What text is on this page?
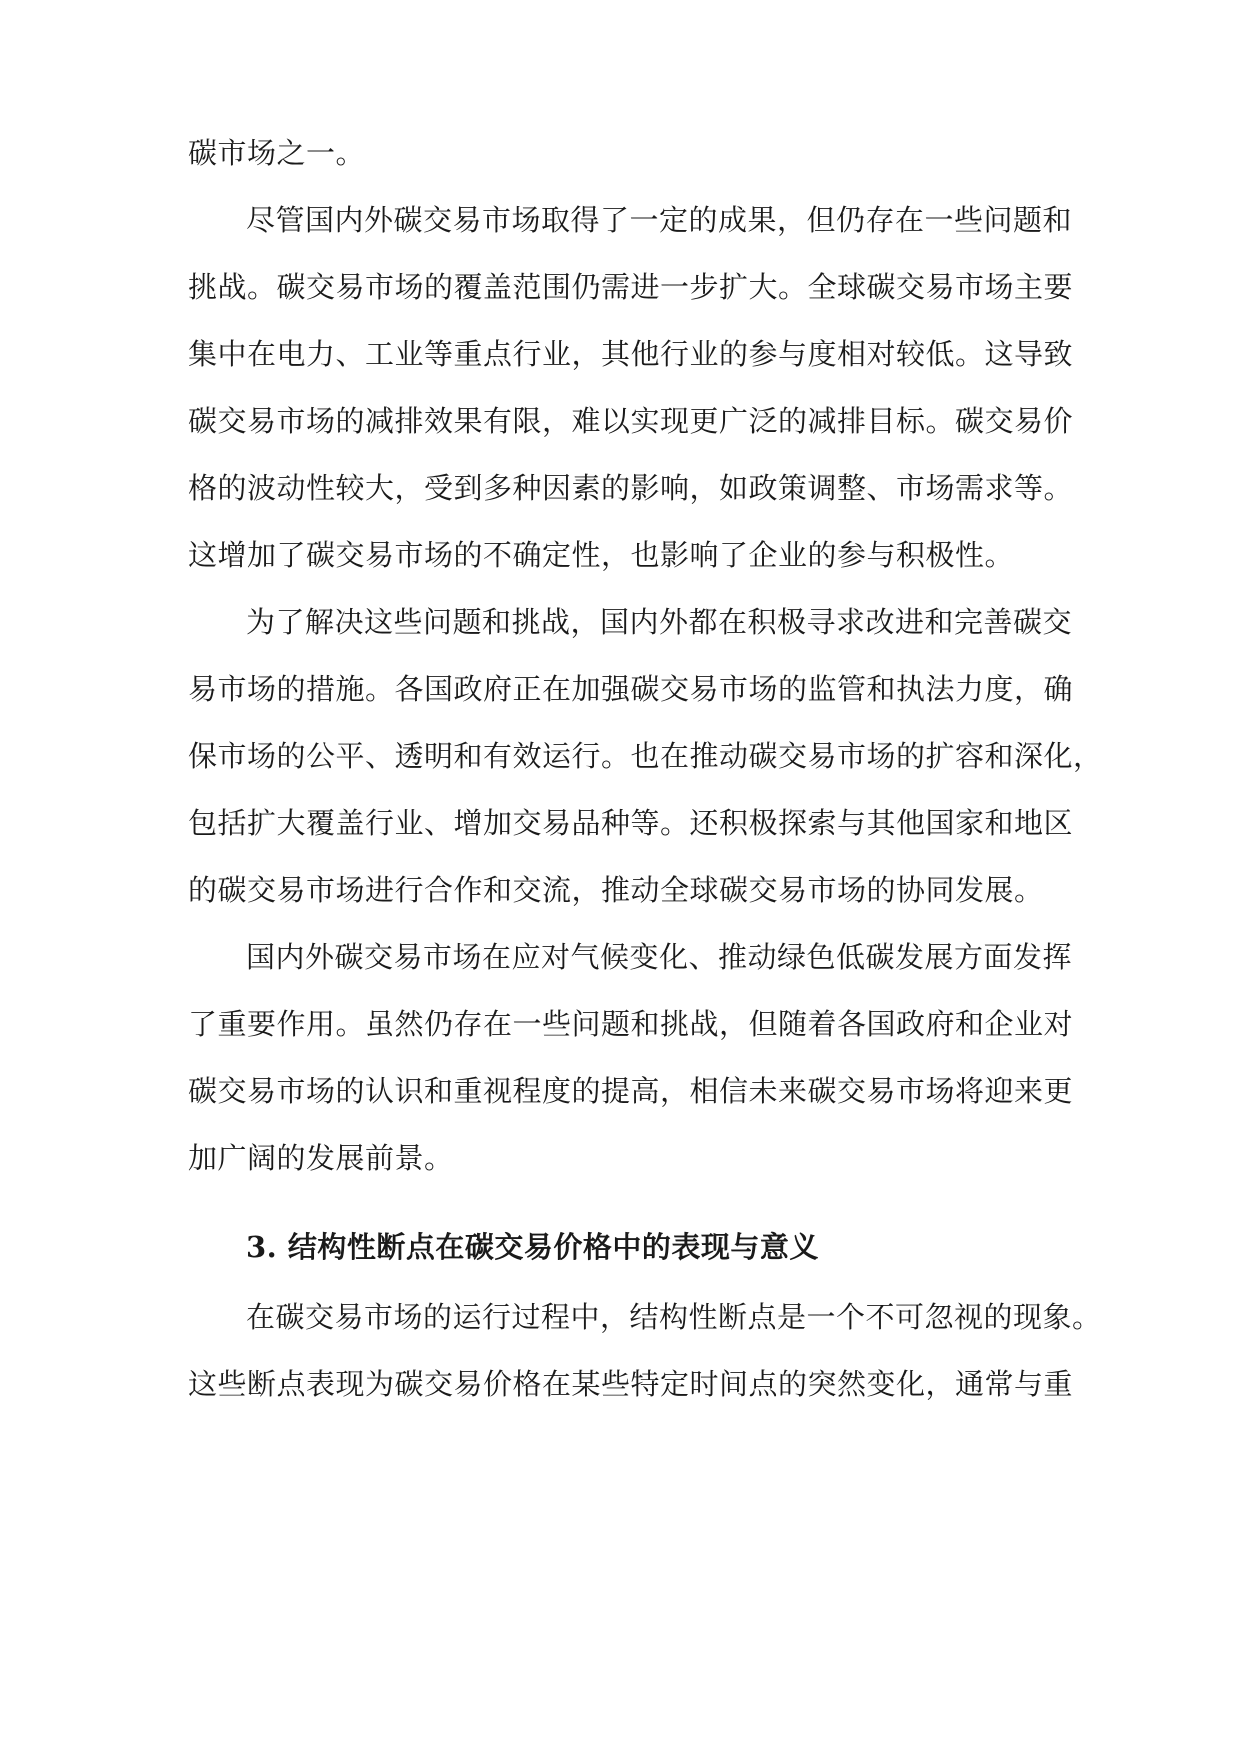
碳市场之一。
尽管国内外碳交易市场取得了一定的成果，但仍存在一些问题和
挑战。碳交易市场的覆盖范围仍需进一步扩大。全球碳交易市场主要
集中在电力、工业等重点行业，其他行业的参与度相对较低。这导致
碳交易市场的减排效果有限，难以实现更广泛的减排目标。碳交易价
格的波动性较大，受到多种因素的影响，如政策调整、市场需求等。
这增加了碳交易市场的不确定性，也影响了企业的参与积极性。
为了解决这些问题和挑战，国内外都在积极寻求改进和完善碳交
易市场的措施。各国政府正在加强碳交易市场的监管和执法力度，确
保市场的公平、透明和有效运行。也在推动碳交易市场的扩容和深化，
包括扩大覆盖行业、增加交易品种等。还积极探索与其他国家和地区
的碳交易市场进行合作和交流，推动全球碳交易市场的协同发展。
国内外碳交易市场在应对气候变化、推动绿色低碳发展方面发挥
了重要作用。虽然仍存在一些问题和挑战，但随着各国政府和企业对
碳交易市场的认识和重视程度的提高，相信未来碳交易市场将迎来更
加广阔的发展前景。
3. 结构性断点在碳交易价格中的表现与意义
在碳交易市场的运行过程中，结构性断点是一个不可忽视的现象。
这些断点表现为碳交易价格在某些特定时间点的突然变化，通常与重
